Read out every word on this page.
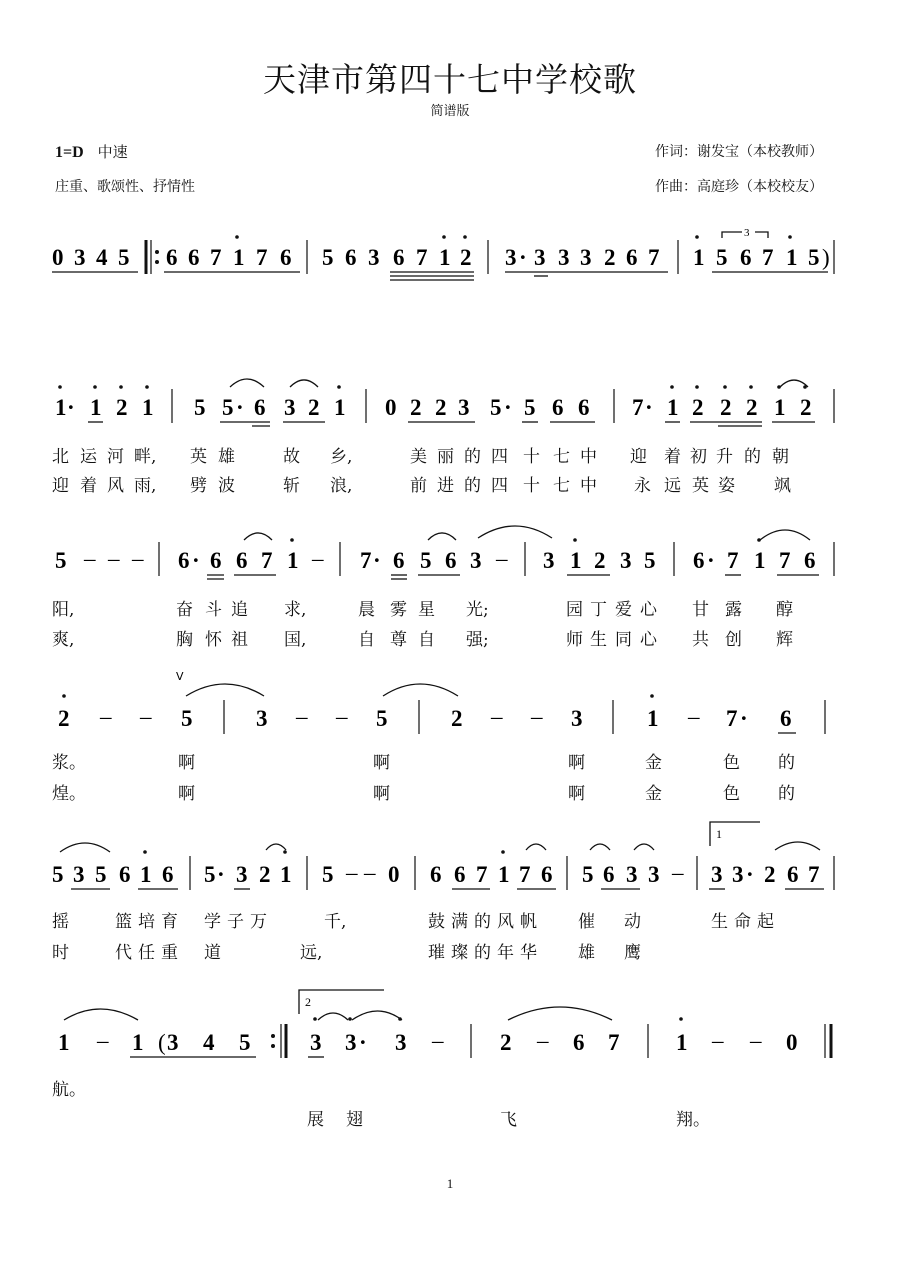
天津市第四十七中学校歌
简谱版
1=D 中速
庄重、歌颂性、抒情性
作词：谢发宝（本校教师）
作曲：高庭珍（本校校友）
0 3 4 5 6 6 7 1 7 6 5 6 3 6 7 1 2 3 · 3 3 3 2 6 7 1 5 6 7 1 5 )
3
1 · 1 2 1 5 5 · 6 3 2 1 0 2 2 3 5 · 5 6 6 7 · 1 2 2 2 1 2
北 运 河 畔, 英 雄	故 乡,	美 丽 的 四 十 七 中 迎 着 初 升 的 朝
迎 着 风 雨, 劈 波	斩 浪,	前 进 的 四 十 七 中 永 远 英 姿 飒
5 – – – 6 · 6 6 7 1 – 7 · 6 5 6 3 – 3 1 2 3 5 6 · 7 1 7 6
阳,	奋 斗 追 求,	晨 雾 星 光;	园 丁 爱 心 甘 露 醇
爽,	胸 怀 祖 国,	自 尊 自 强;	师 生 同 心 共 创 辉
2 – – 5	3 – – 5	2 – – 3	1 – 7 · 6
V
浆。	啊	啊	啊	金	色 的
煌。	啊	啊	啊	金	色 的
5 3 5 6 1 6 5 · 3 2 1 5 – – 0 6 6 7 1 7 6 5 6 3 3 – 3 3 · 2 6 7
1
摇	篮 培 育 学 子 万	千,	鼓 满 的 风 帆 催 动	生 命 起
时	代 任 重 道	远,	璀 璨 的 年 华 雄 鹰
1 – 1 ( 3 4 5	3 3 · 3 – 2 – 6 7 1 – – 0
2
航。
展 翅	飞	翔。
1
